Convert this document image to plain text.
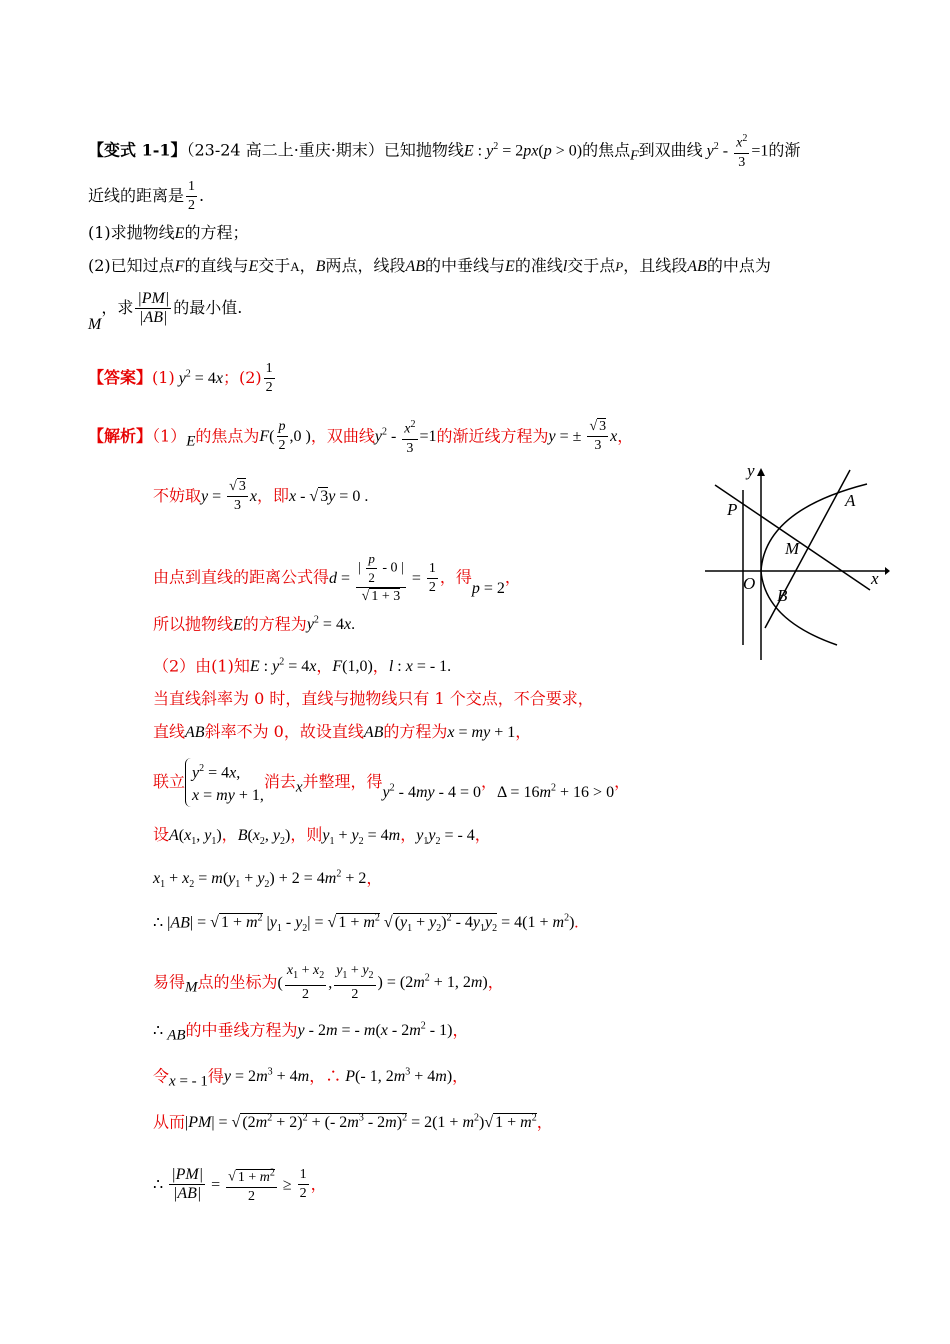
【变式 1-1】（23-24 高二上·重庆·期末）已知抛物线E : $y^2 = 2px(p > 0)$的焦点$_F$到双曲线 $y^2 - \frac{x^2}{3} =1$的渐
近线的距离是 $\frac{1}{2}$ .
(1)求抛物线E的方程；
(2)已知过点F的直线与E交于A，B两点，线段AB的中垂线与E的准线l交于点P，且线段AB的中点为
$_M$，求 $\frac{|PM|}{|AB|}$ 的最小值.
【答案】(1) $y^2 = 4x$；$(2) \frac{1}{2}$
【解析】$(1)_E$的焦点为$F( \frac{p}{2} ,0$ )，双曲线$y^2 - \frac{x^2}{3} =1$的渐近线方程为y = ± $\frac{√ 3}{3}$ x，
不妨取$y = \frac{√ 3}{3}$ x，即x - √ 3y = 0 .
由点到直线的距离公式得$d = \frac{| \frac{p}{2} - 0 |}{√ 1 + 3} = \frac{1}{2}$ ，得p = 2，
所以抛物线E的方程为$y^2 = 4x$.
（2）由(1)知E : $y^2 = 4x$，F(1,0)，l : x = - 1.
当直线斜率为 0 时，直线与抛物线只有 1 个交点，不合要求，
直线AB斜率不为 0，故设直线AB的方程为x = my + 1，
联立 $y^2 = 4x$,
x = my + 1,
消去$_x$并整理，得$y^2 - 4my - 4 = 0$，$\Delta = 16m^2 + 16 > 0$，
设$A(x_1$, $y_1$)，$B(x_2$, $y_2$)，则$y_1 + y_2 = 4m$，$y_1y_2$ = - 4，
$x_1 + x_2 = m(y_1 + y_2) + 2 = 4m^2 + 2$，
∴ |AB| = √ $1 + m^2$ $|y_1 - y_2|$ = √ $1 + m^2$ √ $(y_1 + y_2)^2 - 4y_1y_2 = 4(1 + m^2)$.
易得$_M$点的坐标为( $\frac{x_1 + x_2}{2}$ , $\frac{y_1 + y_2}{2}$ ) = ($2m^2 + 1$, 2m)，
∴ $_{AB}$的中垂线方程为y - 2m = - $m(x - 2m^2 - 1)$，
令$_{x = - 1}$得$y = 2m^3 + 4m$，∴ P(- 1, $2m^3 + 4m$)，
从而|PM| = √ $(2m^2 + 2)^2$ + (- $2m^3 - 2m)^2 = 2(1 + m^2)√$ $1 + m^2$，
∴ $\frac{|PM|}{|AB|} = \frac{√ 1 + m^2}{2} \ge \frac{1}{2}$ ，
y
x
O
P	A
M
B
